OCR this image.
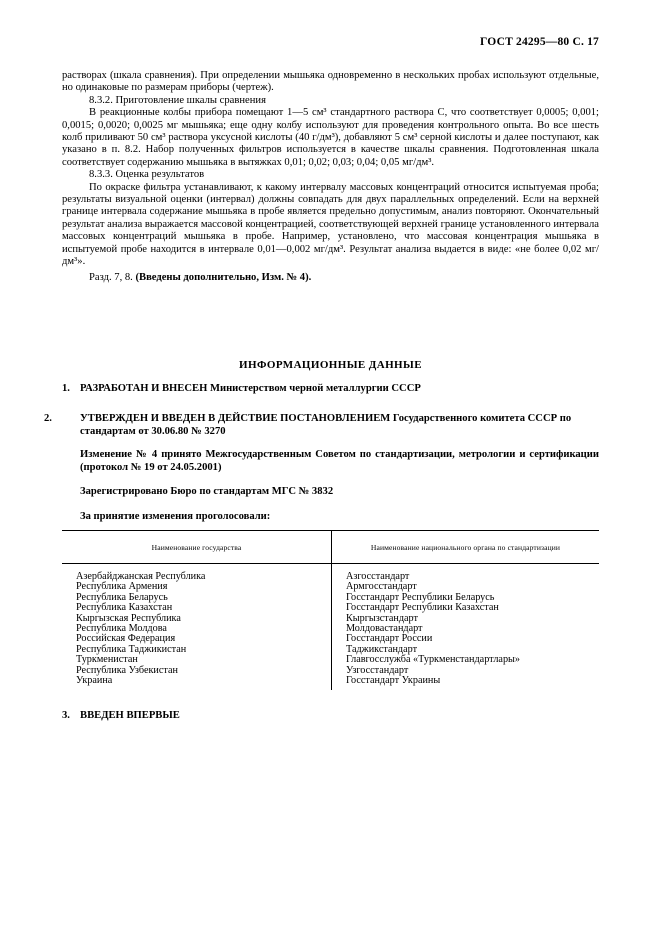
ГОСТ 24295—80 С. 17

растворах (шкала сравнения). При определении мышьяка одновременно в нескольких пробах используют отдельные, но одинаковые по размерам приборы (чертеж).

8.3.2. Приготовление шкалы сравнения

В реакционные колбы прибора помещают 1—5 см³ стандартного раствора С, что соответствует 0,0005; 0,001; 0,0015; 0,0020; 0,0025 мг мышьяка; еще одну колбу используют для проведения контрольного опыта. Во все шесть колб приливают 50 см³ раствора уксусной кислоты (40 г/дм³), добавляют 5 см³ серной кислоты и далее поступают, как указано в п. 8.2. Набор полученных фильтров используется в качестве шкалы сравнения. Подготовленная шкала соответствует содержанию мышьяка в вытяжках 0,01; 0,02; 0,03; 0,04; 0,05 мг/дм³.

8.3.3. Оценка результатов

По окраске фильтра устанавливают, к какому интервалу массовых концентраций относится испытуемая проба; результаты визуальной оценки (интервал) должны совпадать для двух параллельных определений. Если на верхней границе интервала содержание мышьяка в пробе является предельно допустимым, анализ повторяют. Окончательный результат анализа выражается массовой концентрацией, соответствующей верхней границе установленного интервала массовых концентраций мышьяка в пробе. Например, установлено, что массовая концентрация мышьяка в испытуемой пробе находится в интервале 0,01—0,002 мг/дм³. Результат анализа выдается в виде: «не более 0,02 мг/дм³».

Разд. 7, 8. (Введены дополнительно, Изм. № 4).

ИНФОРМАЦИОННЫЕ ДАННЫЕ
1. РАЗРАБОТАН И ВНЕСЕН Министерством черной металлургии СССР
2.	УТВЕРЖДЕН И ВВЕДЕН В ДЕЙСТВИЕ ПОСТАНОВЛЕНИЕМ Государственного комитета СССР по стандартам от 30.06.80 № 3270
Изменение № 4 принято Межгосударственным Советом по стандартизации, метрологии и сертификации (протокол № 19 от 24.05.2001)
Зарегистрировано Бюро по стандартам МГС № 3832
За принятие изменения проголосовали:
Наименование государства	Наименование национального органа по стандартизации
Азербайджанская Республика	Азгосстандарт
Республика Армения	Армгосстандарт
Республика Беларусь	Госстандарт Республики Беларусь
Республика Казахстан	Госстандарт Республики Казахстан
Кыргызская Республика	Кыргызстандарт
Республика Молдова	Молдовастандарт
Российская Федерация	Госстандарт России
Республика Таджикистан	Таджикстандарт
Туркменистан	Главгосслужба «Туркменстандартлары»
Республика Узбекистан	Узгосстандарт
Украина	Госстандарт Украины
3. ВВЕДЕН ВПЕРВЫЕ
